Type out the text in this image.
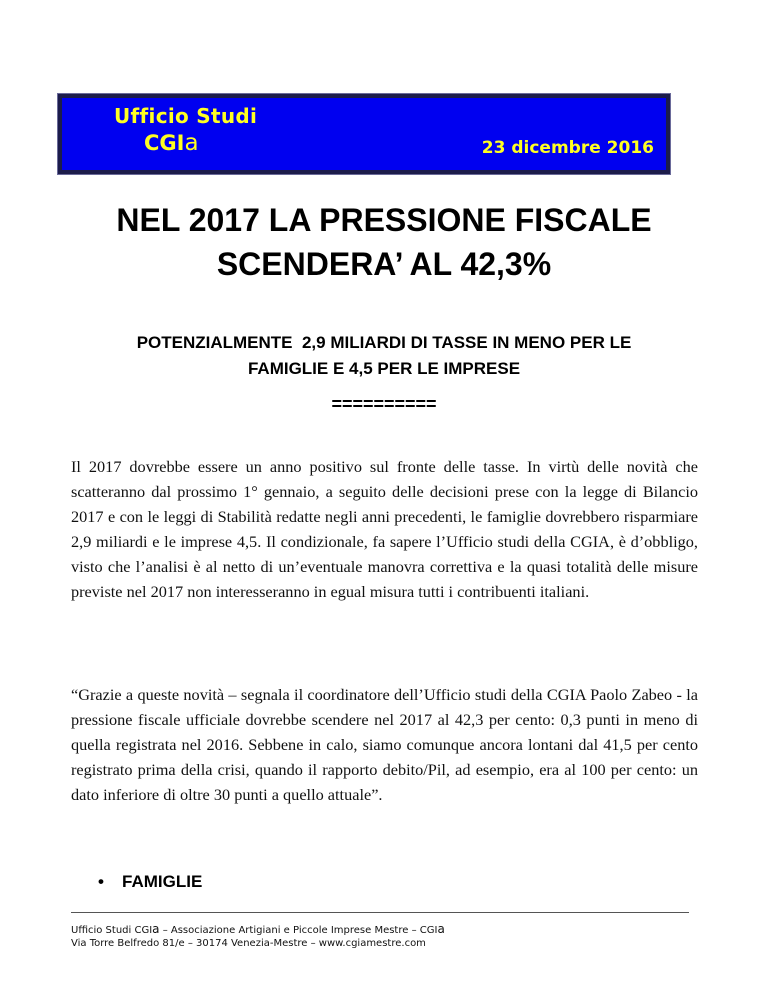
Ufficio Studi
CGIa	23 dicembre 2016
NEL 2017 LA PRESSIONE FISCALE
SCENDERA’ AL 42,3%
POTENZIALMENTE  2,9 MILIARDI DI TASSE IN MENO PER LE
FAMIGLIE E 4,5 PER LE IMPRESE
==========

Il 2017 dovrebbe essere un anno positivo sul fronte delle tasse. In virtù delle novità che scatteranno dal prossimo 1° gennaio, a seguito delle decisioni prese con la legge di Bilancio 2017 e con le leggi di Stabilità redatte negli anni precedenti, le famiglie dovrebbero risparmiare 2,9 miliardi e le imprese 4,5. Il condizionale, fa sapere l’Ufficio studi della CGIA, è d’obbligo, visto che l’analisi è al netto di un’eventuale manovra correttiva e la quasi totalità delle misure previste nel 2017 non interesseranno in egual misura tutti i contribuenti italiani.

“Grazie a queste novità – segnala il coordinatore dell’Ufficio studi della CGIA Paolo Zabeo - la pressione fiscale ufficiale dovrebbe scendere nel 2017 al 42,3 per cento: 0,3 punti in meno di quella registrata nel 2016. Sebbene in calo, siamo comunque ancora lontani dal 41,5 per cento registrato prima della crisi, quando il rapporto debito/Pil, ad esempio, era al 100 per cento: un dato inferiore di oltre 30 punti a quello attuale”.

• FAMIGLIE
Ufficio Studi CGIa – Associazione Artigiani e Piccole Imprese Mestre – CGIa
Via Torre Belfredo 81/e – 30174 Venezia-Mestre – www.cgiamestre.com
